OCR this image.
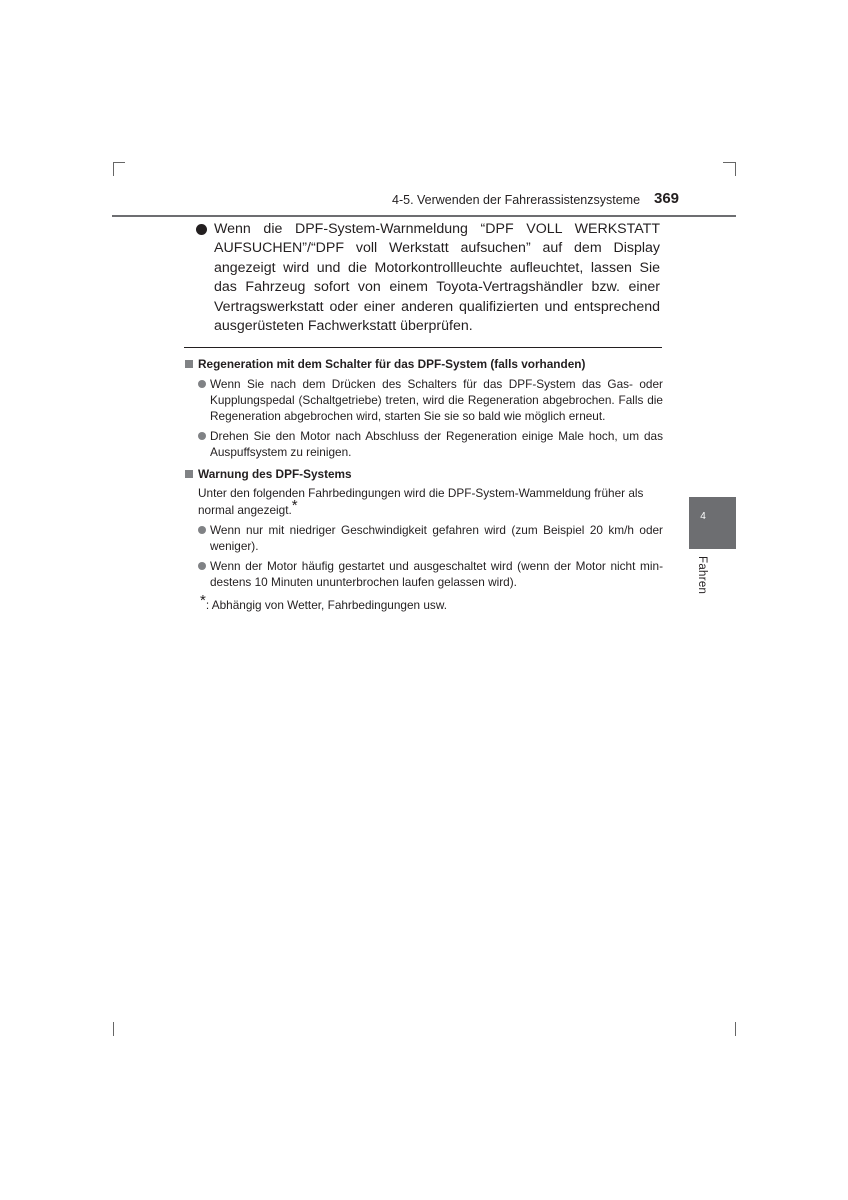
4-5. Verwenden der Fahrerassistenzsysteme 369
Wenn die DPF-System-Warnmeldung “DPF VOLL WERKSTATT AUFSUCHEN”/“DPF voll Werkstatt aufsuchen” auf dem Display angezeigt wird und die Motorkontrollleuchte aufleuchtet, lassen Sie das Fahrzeug sofort von einem Toyota-Vertragshändler bzw. einer Vertragswerkstatt oder einer anderen qualifizierten und entsprechend ausgerüsteten Fachwerkstatt überprüfen.
Regeneration mit dem Schalter für das DPF-System (falls vorhanden)
Wenn Sie nach dem Drücken des Schalters für das DPF-System das Gas- oder Kupplungspedal (Schaltgetriebe) treten, wird die Regeneration abgebrochen. Falls die Regeneration abgebrochen wird, starten Sie sie so bald wie möglich erneut.
Drehen Sie den Motor nach Abschluss der Regeneration einige Male hoch, um das Auspuffsystem zu reinigen.
Warnung des DPF-Systems
Unter den folgenden Fahrbedingungen wird die DPF-System-Wammeldung früher als normal angezeigt.*
Wenn nur mit niedriger Geschwindigkeit gefahren wird (zum Beispiel 20 km/h oder weniger).
Wenn der Motor häufig gestartet und ausgeschaltet wird (wenn der Motor nicht mindestens 10 Minuten ununterbrochen laufen gelassen wird).
*: Abhängig von Wetter, Fahrbedingungen usw.
4
Fahren
